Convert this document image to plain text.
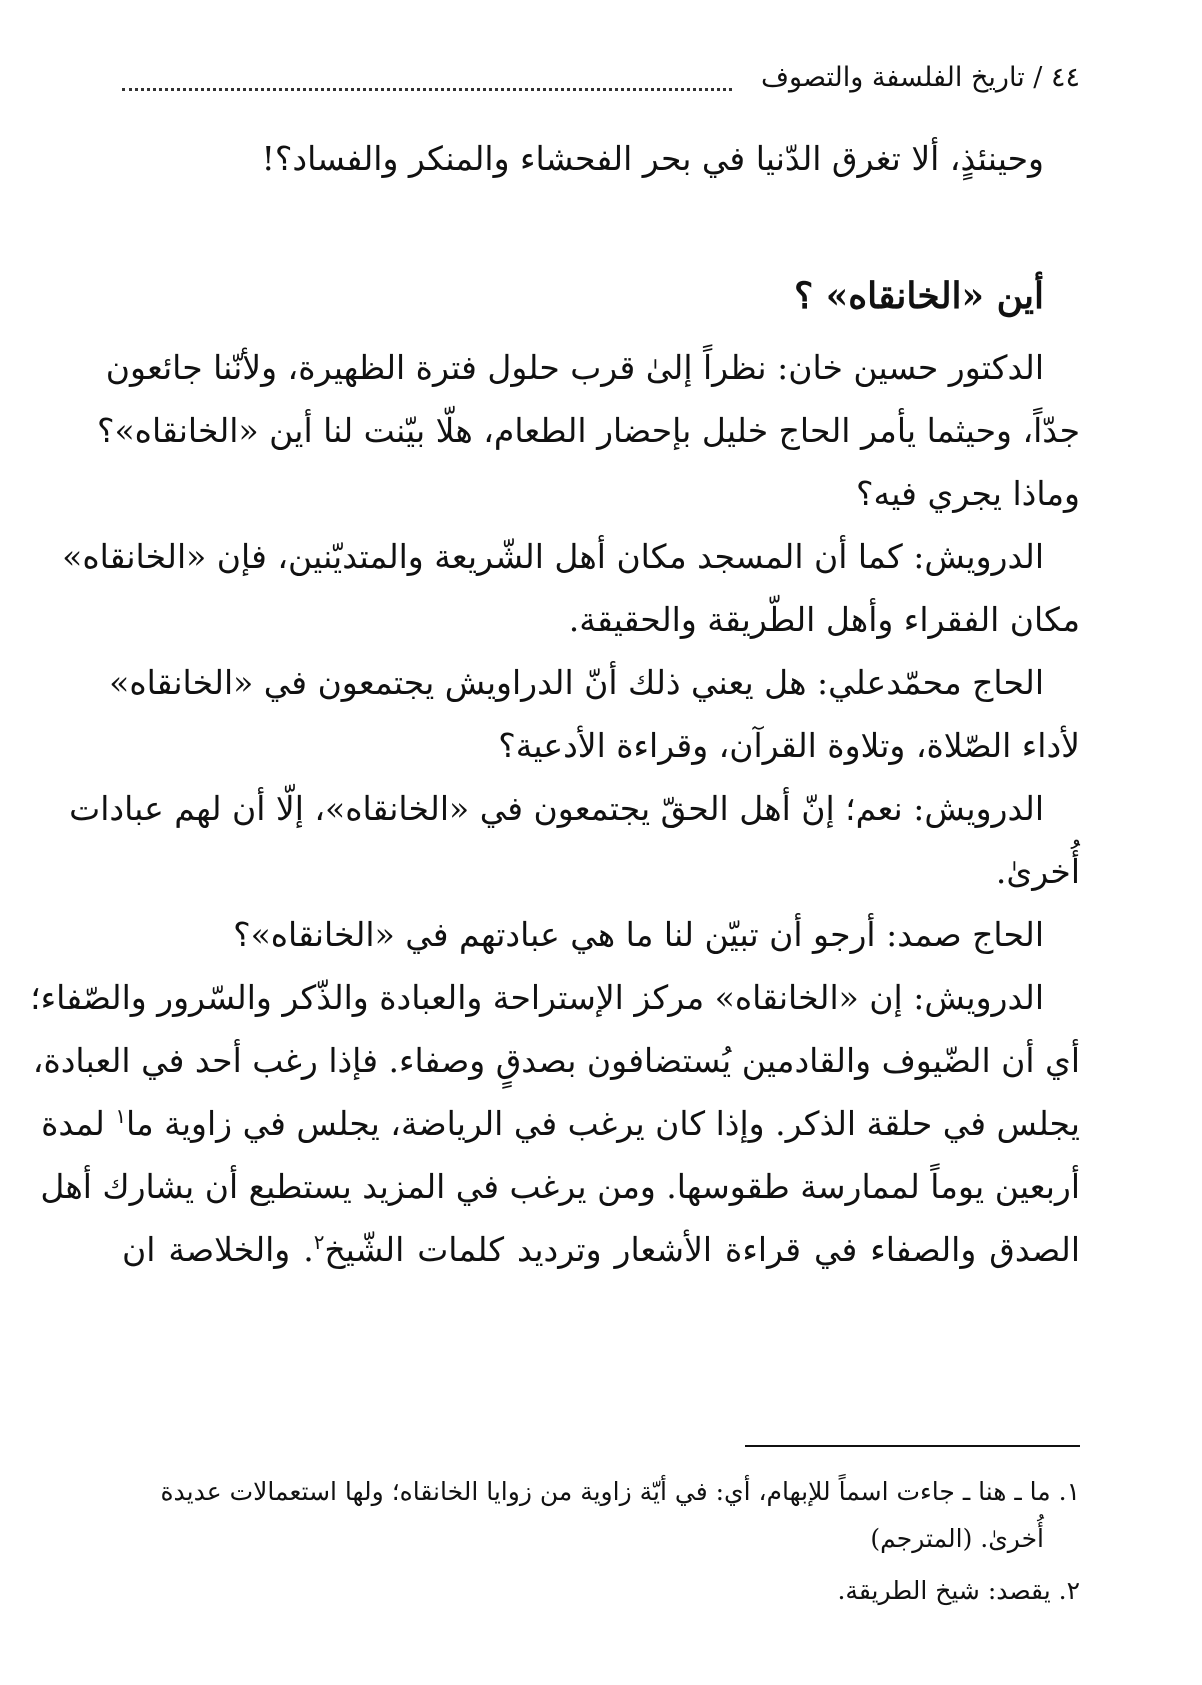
٤٤ / تاريخ الفلسفة والتصوف
وحينئذٍ، ألا تغرق الدّنيا في بحر الفحشاء والمنكر والفساد؟!
أين «الخانقاه» ؟
الدكتور حسين خان: نظراً إلىٰ قرب حلول فترة الظهيرة، ولأنّنا جائعون
جدّاً، وحيثما يأمر الحاج خليل بإحضار الطعام، هلّا بيّنت لنا أين «الخانقاه»؟
وماذا يجري فيه؟
الدرويش: كما أن المسجد مكان أهل الشّريعة والمتديّنين، فإن «الخانقاه»
مكان الفقراء وأهل الطّريقة والحقيقة.
الحاج محمّدعلي: هل يعني ذلك أنّ الدراويش يجتمعون في «الخانقاه»
لأداء الصّلاة، وتلاوة القرآن، وقراءة الأدعية؟
الدرويش: نعم؛ إنّ أهل الحقّ يجتمعون في «الخانقاه»، إلّا أن لهم عبادات
أُخرىٰ.
الحاج صمد: أرجو أن تبيّن لنا ما هي عبادتهم في «الخانقاه»؟
الدرويش: إن «الخانقاه» مركز الإستراحة والعبادة والذّكر والسّرور والصّفاء؛
أي أن الضّيوف والقادمين يُستضافون بصدقٍ وصفاء. فإذا رغب أحد في العبادة،
يجلس في حلقة الذكر. وإذا كان يرغب في الرياضة، يجلس في زاوية ما$^١$ لمدة
أربعين يوماً لممارسة طقوسها. ومن يرغب في المزيد يستطيع أن يشارك أهل
الصدق والصفاء في قراءة الأشعار وترديد كلمات الشّيخ$^٢$. والخلاصة ان
١. ما ـ هنا ـ جاءت اسماً للإبهام، أي: في أيّة زاوية من زوايا الخانقاه؛ ولها استعمالات عديدة
أُخرىٰ. (المترجم)
٢. يقصد: شيخ الطريقة.
